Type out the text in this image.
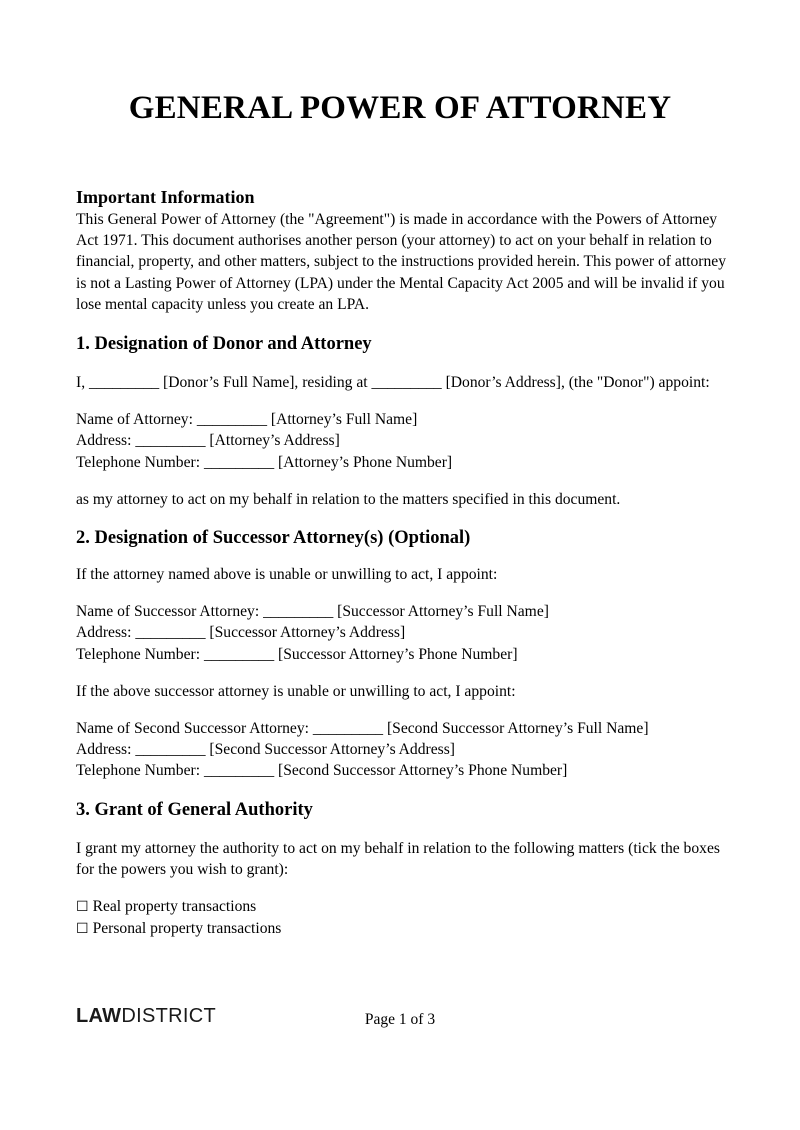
GENERAL POWER OF ATTORNEY
Important Information

This General Power of Attorney (the "Agreement") is made in accordance with the Powers of Attorney Act 1971. This document authorises another person (your attorney) to act on your behalf in relation to financial, property, and other matters, subject to the instructions provided herein. This power of attorney is not a Lasting Power of Attorney (LPA) under the Mental Capacity Act 2005 and will be invalid if you lose mental capacity unless you create an LPA.

1. Designation of Donor and Attorney

I, _________ [Donor’s Full Name], residing at _________ [Donor’s Address], (the "Donor") appoint:

Name of Attorney: _________ [Attorney’s Full Name]

Address: _________ [Attorney’s Address]

Telephone Number: _________ [Attorney’s Phone Number]

as my attorney to act on my behalf in relation to the matters specified in this document.

2. Designation of Successor Attorney(s) (Optional)

If the attorney named above is unable or unwilling to act, I appoint:

Name of Successor Attorney: _________ [Successor Attorney’s Full Name]

Address: _________ [Successor Attorney’s Address]

Telephone Number: _________ [Successor Attorney’s Phone Number]

If the above successor attorney is unable or unwilling to act, I appoint:

Name of Second Successor Attorney: _________ [Second Successor Attorney’s Full Name]

Address: _________ [Second Successor Attorney’s Address]

Telephone Number: _________ [Second Successor Attorney’s Phone Number]

3. Grant of General Authority

I grant my attorney the authority to act on my behalf in relation to the following matters (tick the boxes for the powers you wish to grant):

☐ Real property transactions

☐ Personal property transactions

LAWDISTRICT	Page 1 of 3
